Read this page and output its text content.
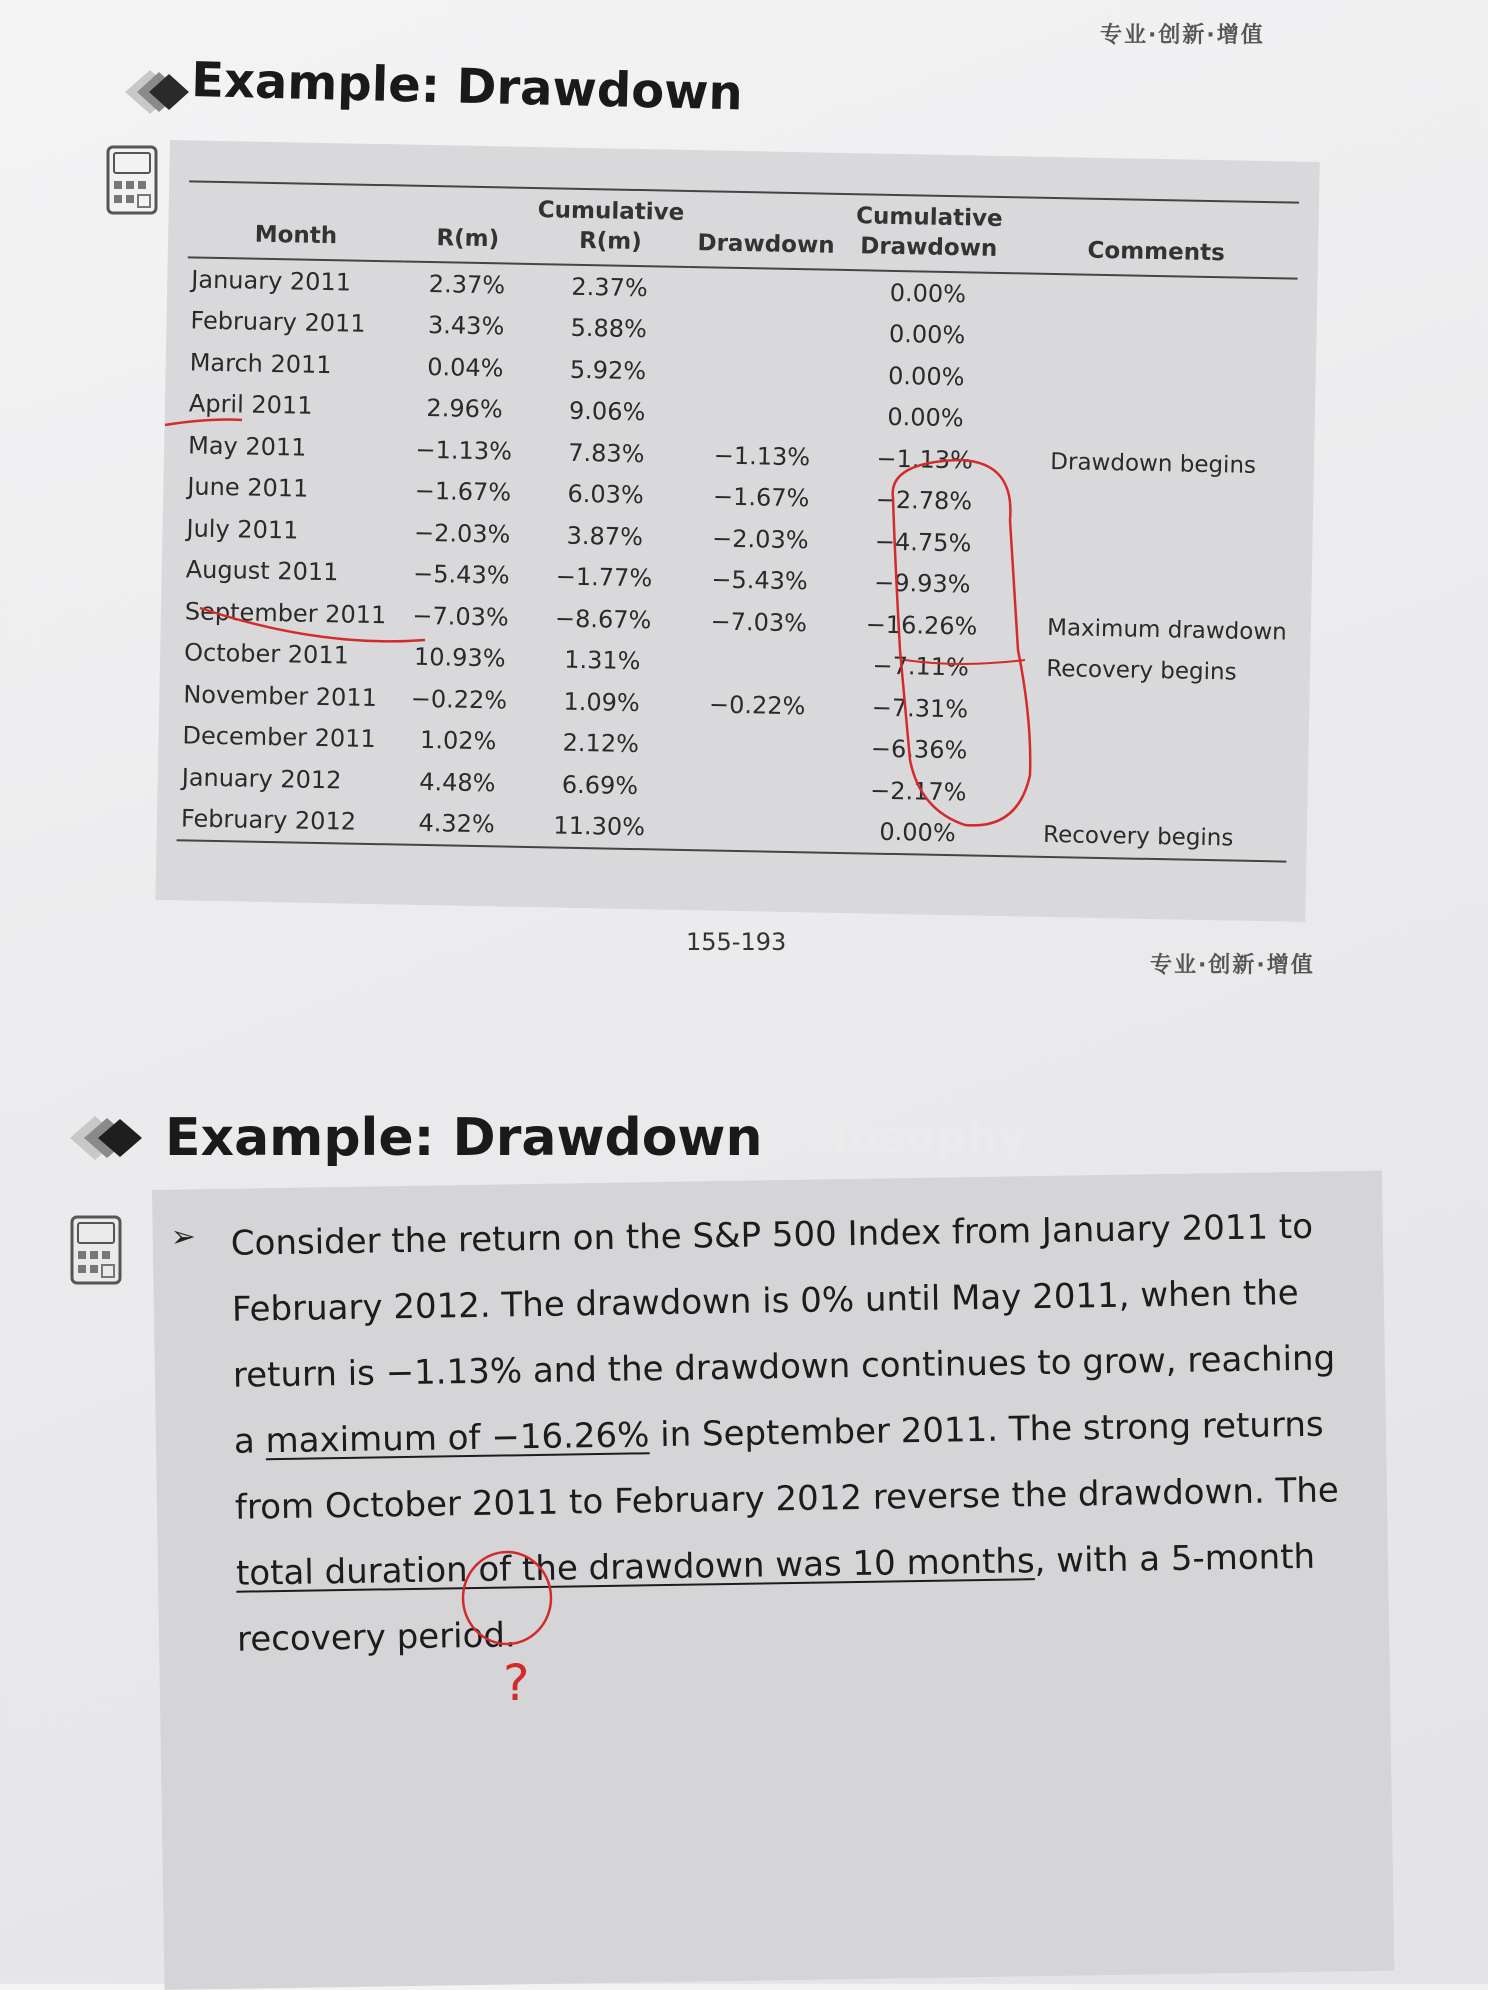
专业·创新·增值
Example: Drawdown
Month	R(m)	Cumulative R(m)	Drawdown	Cumulative Drawdown	Comments
January 2011	2.37%	2.37%		0.00%	
February 2011	3.43%	5.88%		0.00%	
March 2011	0.04%	5.92%		0.00%	
April 2011	2.96%	9.06%		0.00%	
May 2011	−1.13%	7.83%	−1.13%	−1.13%	Drawdown begins
June 2011	−1.67%	6.03%	−1.67%	−2.78%	
July 2011	−2.03%	3.87%	−2.03%	−4.75%	
August 2011	−5.43%	−1.77%	−5.43%	−9.93%	
September 2011	−7.03%	−8.67%	−7.03%	−16.26%	Maximum drawdown
October 2011	10.93%	1.31%		−7.11%	Recovery begins
November 2011	−0.22%	1.09%	−0.22%	−7.31%	
December 2011	1.02%	2.12%		−6.36%	
January 2012	4.48%	6.69%		−2.17%	
February 2012	4.32%	11.30%		0.00%	Recovery begins
155-193
专业·创新·增值
Example: Drawdown
Philosophy
➢ Consider the return on the S&P 500 Index from January 2011 to February 2012. The drawdown is 0% until May 2011, when the return is −1.13% and the drawdown continues to grow, reaching a maximum of −16.26% in September 2011. The strong returns from October 2011 to February 2012 reverse the drawdown. The total duration of the drawdown was 10 months, with a 5-month recovery period.
?
